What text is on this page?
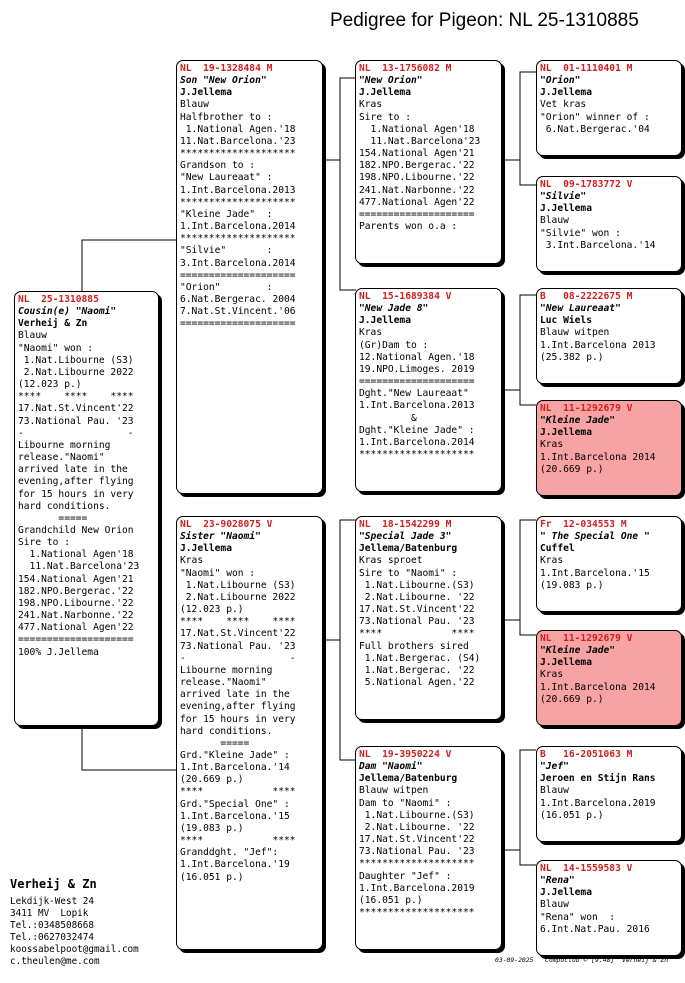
Pedigree for Pigeon: NL 25-1310885
NL  25-1310885
Cousin(e) "Naomi"
Verheij & Zn
Blauw
"Naomi" won :
1.Nat.Libourne (S3)
2.Nat.Libourne 2022
(12.023 p.)
****    ****    ****
17.Nat.St.Vincent'22
73.National Pau. '23
-                  -
Libourne morning
release."Naomi"
arrived late in the
evening,after flying
for 15 hours in very
hard conditions.
=====
Grandchild New Orion
Sire to :
1.National Agen'18
11.Nat.Barcelona'23
154.National Agen'21
182.NPO.Bergerac.'22
198.NPO.Libourne.'22
241.Nat.Narbonne.'22
477.National Agen'22
====================
100% J.Jellema
NL  19-1328484 M
Son "New Orion"
J.Jellema
Blauw
Halfbrother to :
1.National Agen.'18
11.Nat.Barcelona.'23
********************
Grandson to :
"New Laureaat" :
1.Int.Barcelona.2013
********************
"Kleine Jade"  :
1.Int.Barcelona.2014
********************
"Silvie"       :
3.Int.Barcelona.2014
====================
"Orion"        :
6.Nat.Bergerac. 2004
7.Nat.St.Vincent.'06
====================
NL  23-9028075 V
Sister "Naomi"
J.Jellema
Kras
"Naomi" won :
1.Nat.Libourne (S3)
2.Nat.Libourne 2022
(12.023 p.)
****    ****    ****
17.Nat.St.Vincent'22
73.National Pau. '23
-                  -
Libourne morning
release."Naomi"
arrived late in the
evening,after flying
for 15 hours in very
hard conditions.
=====
Grd."Kleine Jade" :
1.Int.Barcelona.'14
(20.669 p.)
****            ****
Grd."Special One" :
1.Int.Barcelona.'15
(19.083 p.)
****            ****
Granddght. "Jef":
1.Int.Barcelona.'19
(16.051 p.)
NL  13-1756082 M
"New Orion"
J.Jellema
Kras
Sire to :
1.National Agen'18
11.Nat.Barcelona'23
154.National Agen'21
182.NPO.Bergerac.'22
198.NPO.Libourne.'22
241.Nat.Narbonne.'22
477.National Agen'22
====================
Parents won o.a :
NL  15-1689384 V
"New Jade 8"
J.Jellema
Kras
(Gr)Dam to :
12.National Agen.'18
19.NPO.Limoges. 2019
====================
Dght."New Laureaat"
1.Int.Barcelona.2013
&
Dght."Kleine Jade" :
1.Int.Barcelona.2014
********************
NL  18-1542299 M
"Special Jade 3"
Jellema/Batenburg
Kras sproet
Sire to "Naomi" :
1.Nat.Libourne.(S3)
2.Nat.Libourne. '22
17.Nat.St.Vincent'22
73.National Pau. '23
****            ****
Full brothers sired
1.Nat.Bergerac. (S4)
1.Nat.Bergerac. '22
5.National Agen.'22
NL  19-3950224 V
Dam "Naomi"
Jellema/Batenburg
Blauw witpen
Dam to "Naomi" :
1.Nat.Libourne.(S3)
2.Nat.Libourne. '22
17.Nat.St.Vincent'22
73.National Pau. '23
********************
Daughter "Jef" :
1.Int.Barcelona.2019
(16.051 p.)
********************
NL  01-1110401 M
"Orion"
J.Jellema
Vet kras
"Orion" winner of :
6.Nat.Bergerac.'04
NL  09-1783772 V
"Silvie"
J.Jellema
Blauw
"Silvie" won :
3.Int.Barcelona.'14
B   08-2222675 M
"New Laureaat"
Luc Wiels
Blauw witpen
1.Int.Barcelona 2013
(25.382 p.)
NL  11-1292679 V
"Kleine Jade"
J.Jellema
Kras
1.Int.Barcelona 2014
(20.669 p.)
Fr  12-034553 M
" The Special One "
Cuffel
Kras
1.Int.Barcelona.'15
(19.083 p.)
NL  11-1292679 V
"Kleine Jade"
J.Jellema
Kras
1.Int.Barcelona 2014
(20.669 p.)
B   16-2051063 M
"Jef"
Jeroen en Stijn Rans
Blauw
1.Int.Barcelona.2019
(16.051 p.)
NL  14-1559583 V
"Rena"
J.Jellema
Blauw
"Rena" won  :
6.Int.Nat.Pau. 2016
Verheij & Zn
Lekdijk-West 24
3411 MV  Lopik
Tel.:0348508668
Tel.:0627032474
koossabelpoot@gmail.com
c.theulen@me.com	03-09-2025   Compuclub © [9.48]  Verheij & Zn
